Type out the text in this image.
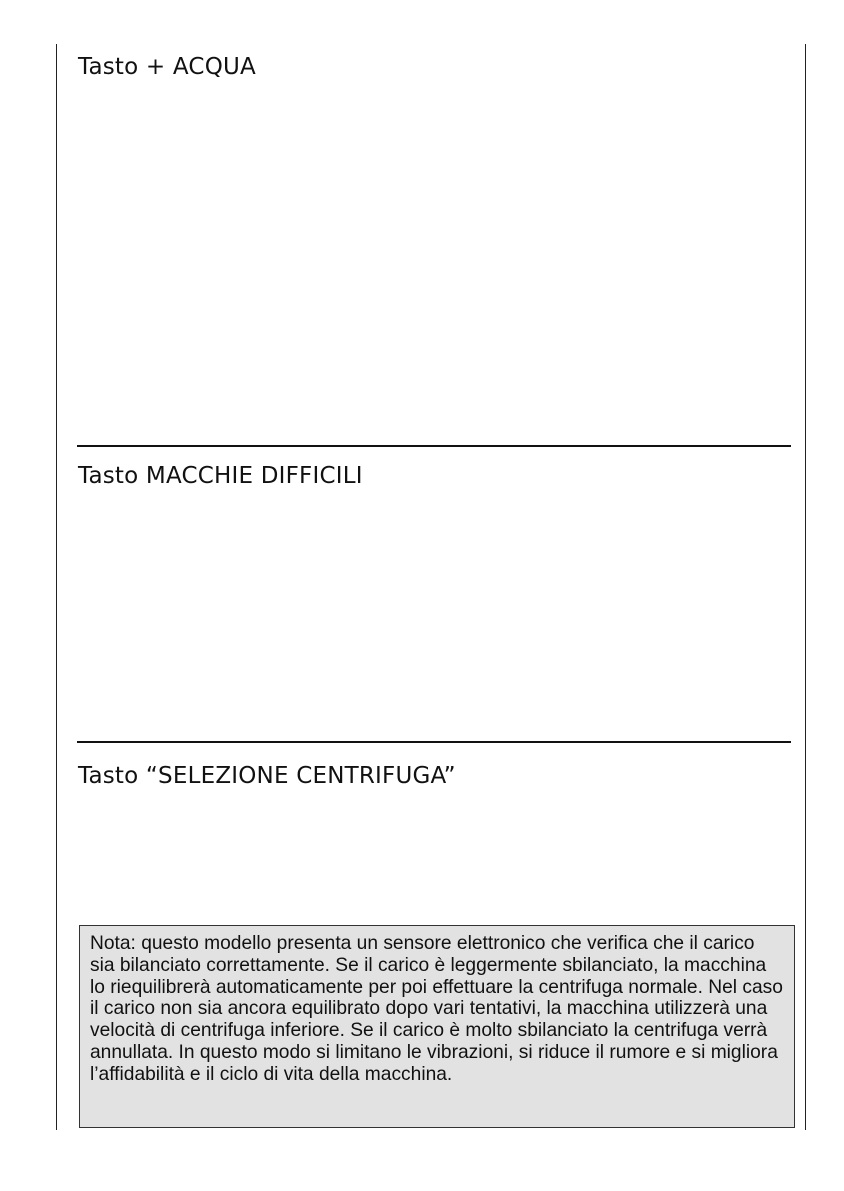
Tasto + ACQUA
Tasto MACCHIE DIFFICILI
Tasto “SELEZIONE CENTRIFUGA”

Nota: questo modello presenta un sensore elettronico che verifica che il carico sia bilanciato correttamente. Se il carico è leggermente sbilanciato, la macchina lo riequilibrerà automaticamente per poi effettuare la centrifuga normale. Nel caso il carico non sia ancora equilibrato dopo vari tentativi, la macchina utilizzerà una velocità di centrifuga inferiore. Se il carico è molto sbilanciato la centrifuga verrà annullata. In questo modo si limitano le vibrazioni, si riduce il rumore e si migliora l’affidabilità e il ciclo di vita della macchina.
